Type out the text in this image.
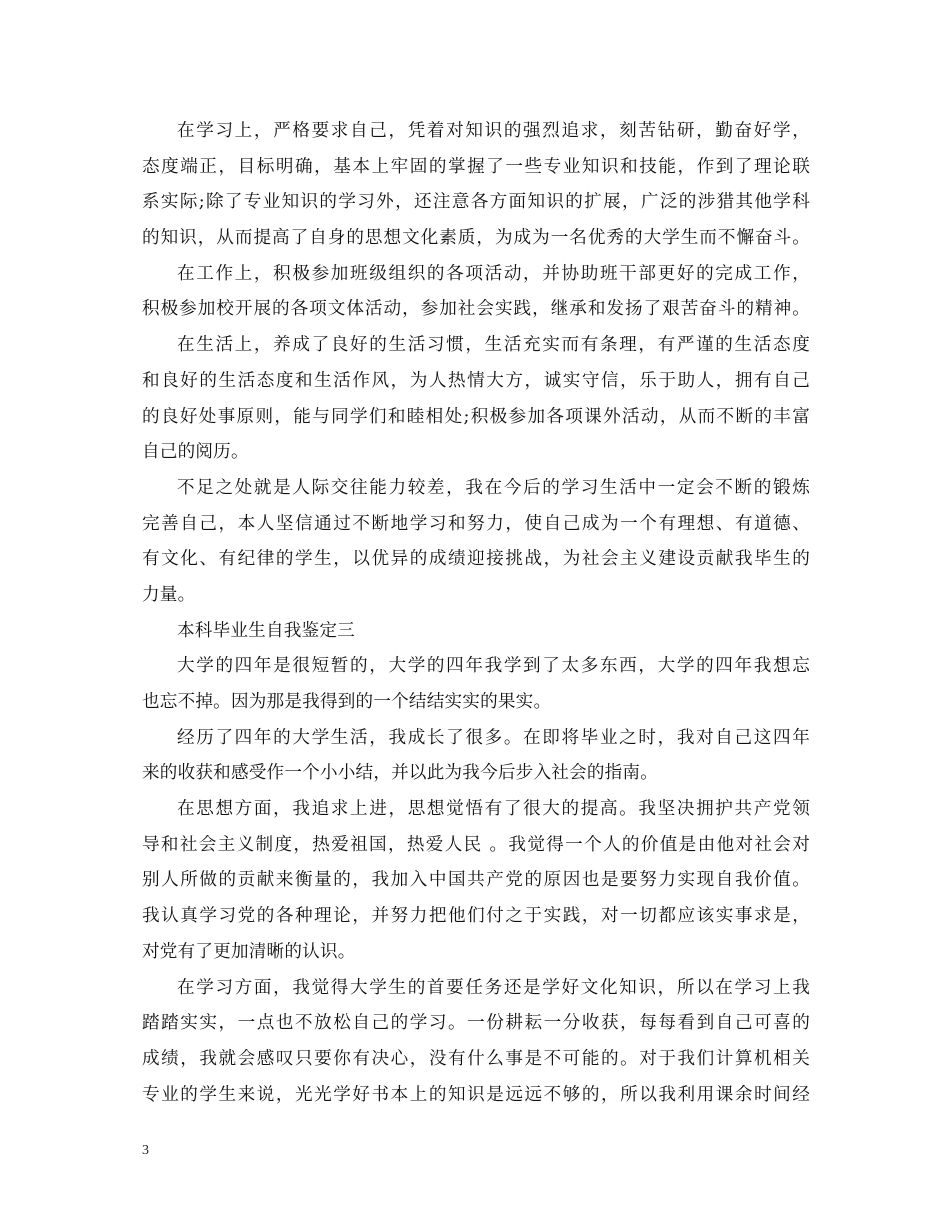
在学习上，严格要求自己，凭着对知识的强烈追求，刻苦钻研，勤奋好学，
态度端正，目标明确，基本上牢固的掌握了一些专业知识和技能，作到了理论联
系实际;除了专业知识的学习外，还注意各方面知识的扩展，广泛的涉猎其他学科
的知识，从而提高了自身的思想文化素质，为成为一名优秀的大学生而不懈奋斗。
在工作上，积极参加班级组织的各项活动，并协助班干部更好的完成工作，
积极参加校开展的各项文体活动，参加社会实践，继承和发扬了艰苦奋斗的精神。
在生活上，养成了良好的生活习惯，生活充实而有条理，有严谨的生活态度
和良好的生活态度和生活作风，为人热情大方，诚实守信，乐于助人，拥有自己
的良好处事原则，能与同学们和睦相处;积极参加各项课外活动，从而不断的丰富
自己的阅历。
不足之处就是人际交往能力较差，我在今后的学习生活中一定会不断的锻炼
完善自己，本人坚信通过不断地学习和努力，使自己成为一个有理想、有道德、
有文化、有纪律的学生，以优异的成绩迎接挑战，为社会主义建设贡献我毕生的
力量。
本科毕业生自我鉴定三
大学的四年是很短暂的，大学的四年我学到了太多东西，大学的四年我想忘
也忘不掉。因为那是我得到的一个结结实实的果实。
经历了四年的大学生活，我成长了很多。在即将毕业之时，我对自己这四年
来的收获和感受作一个小小结，并以此为我今后步入社会的指南。
在思想方面，我追求上进，思想觉悟有了很大的提高。我坚决拥护共产党领
导和社会主义制度，热爱祖国，热爱人民 。我觉得一个人的价值是由他对社会对
别人所做的贡献来衡量的，我加入中国共产党的原因也是要努力实现自我价值。
我认真学习党的各种理论，并努力把他们付之于实践，对一切都应该实事求是，
对党有了更加清晰的认识。
在学习方面，我觉得大学生的首要任务还是学好文化知识，所以在学习上我
踏踏实实，一点也不放松自己的学习。一份耕耘一分收获，每每看到自己可喜的
成绩，我就会感叹只要你有决心，没有什么事是不可能的。对于我们计算机相关
专业的学生来说，光光学好书本上的知识是远远不够的，所以我利用课余时间经
3
